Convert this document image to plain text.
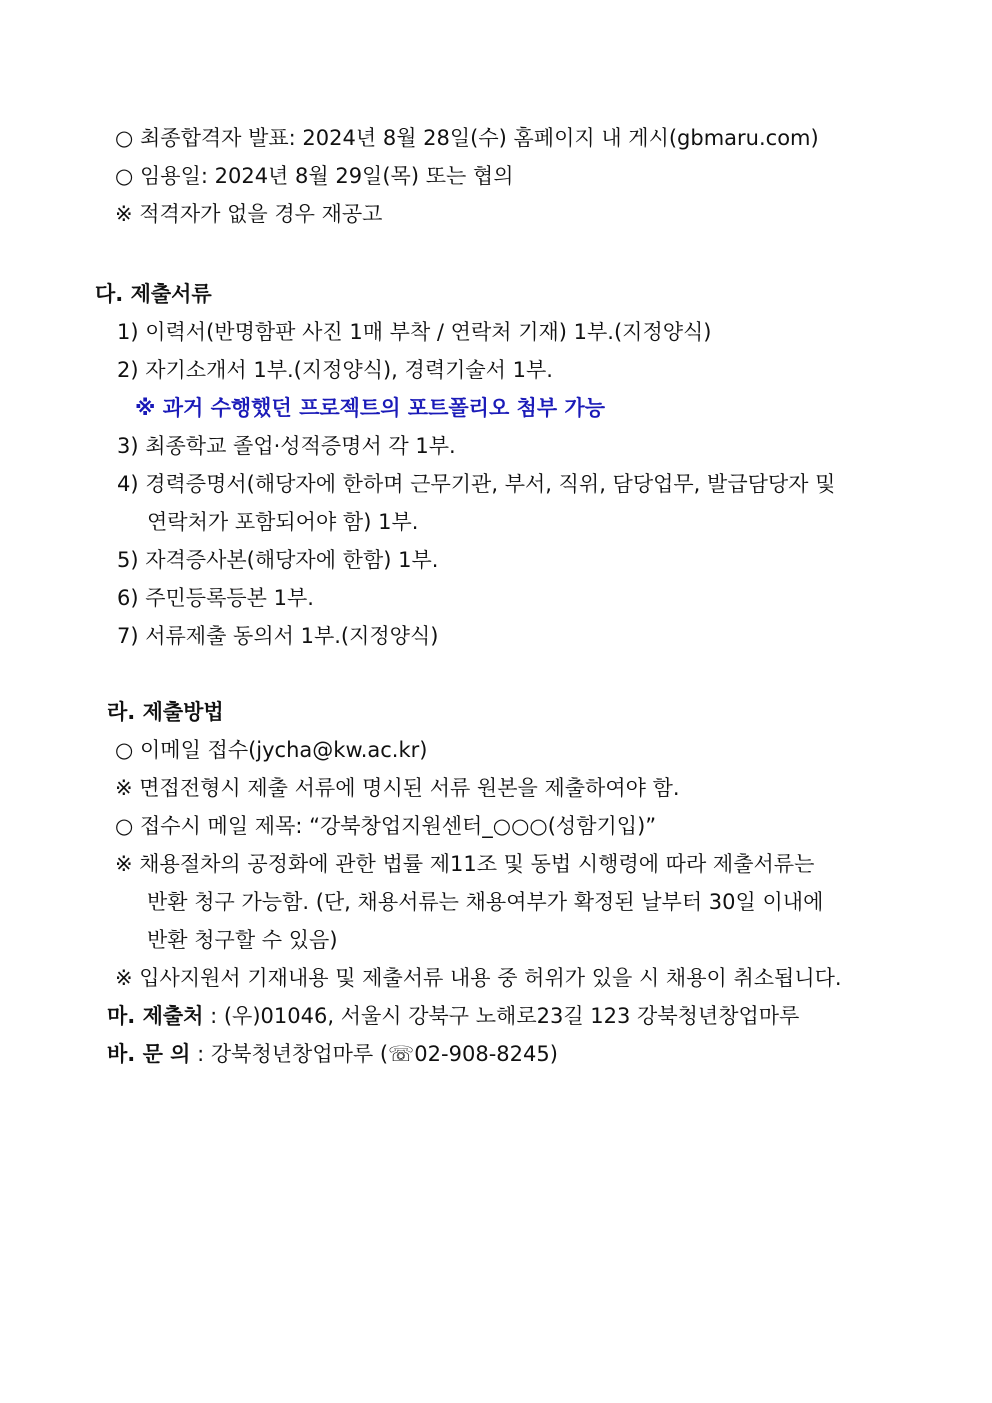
○ 최종합격자 발표: 2024년 8월 28일(수) 홈페이지 내 게시(gbmaru.com)
○ 임용일: 2024년 8월 29일(목) 또는 협의
※ 적격자가 없을 경우 재공고
다. 제출서류
1) 이력서(반명함판 사진 1매 부착 / 연락처 기재) 1부.(지정양식)
2) 자기소개서 1부.(지정양식), 경력기술서 1부.
※ 과거 수행했던 프로젝트의 포트폴리오 첨부 가능
3) 최종학교 졸업·성적증명서 각 1부.
4) 경력증명서(해당자에 한하며 근무기관, 부서, 직위, 담당업무, 발급담당자 및
연락처가 포함되어야 함) 1부.
5) 자격증사본(해당자에 한함) 1부.
6) 주민등록등본 1부.
7) 서류제출 동의서 1부.(지정양식)
라. 제출방법
○ 이메일 접수(jycha@kw.ac.kr)
※ 면접전형시 제출 서류에 명시된 서류 원본을 제출하여야 함.
○ 접수시 메일 제목: “강북창업지원센터_○○○(성함기입)”
※ 채용절차의 공정화에 관한 법률 제11조 및 동법 시행령에 따라 제출서류는
반환 청구 가능함. (단, 채용서류는 채용여부가 확정된 날부터 30일 이내에
반환 청구할 수 있음)
※ 입사지원서 기재내용 및 제출서류 내용 중 허위가 있을 시 채용이 취소됩니다.
마. 제출처 : (우)01046, 서울시 강북구 노해로23길 123 강북청년창업마루
바. 문 의 : 강북청년창업마루 (☏02-908-8245)
